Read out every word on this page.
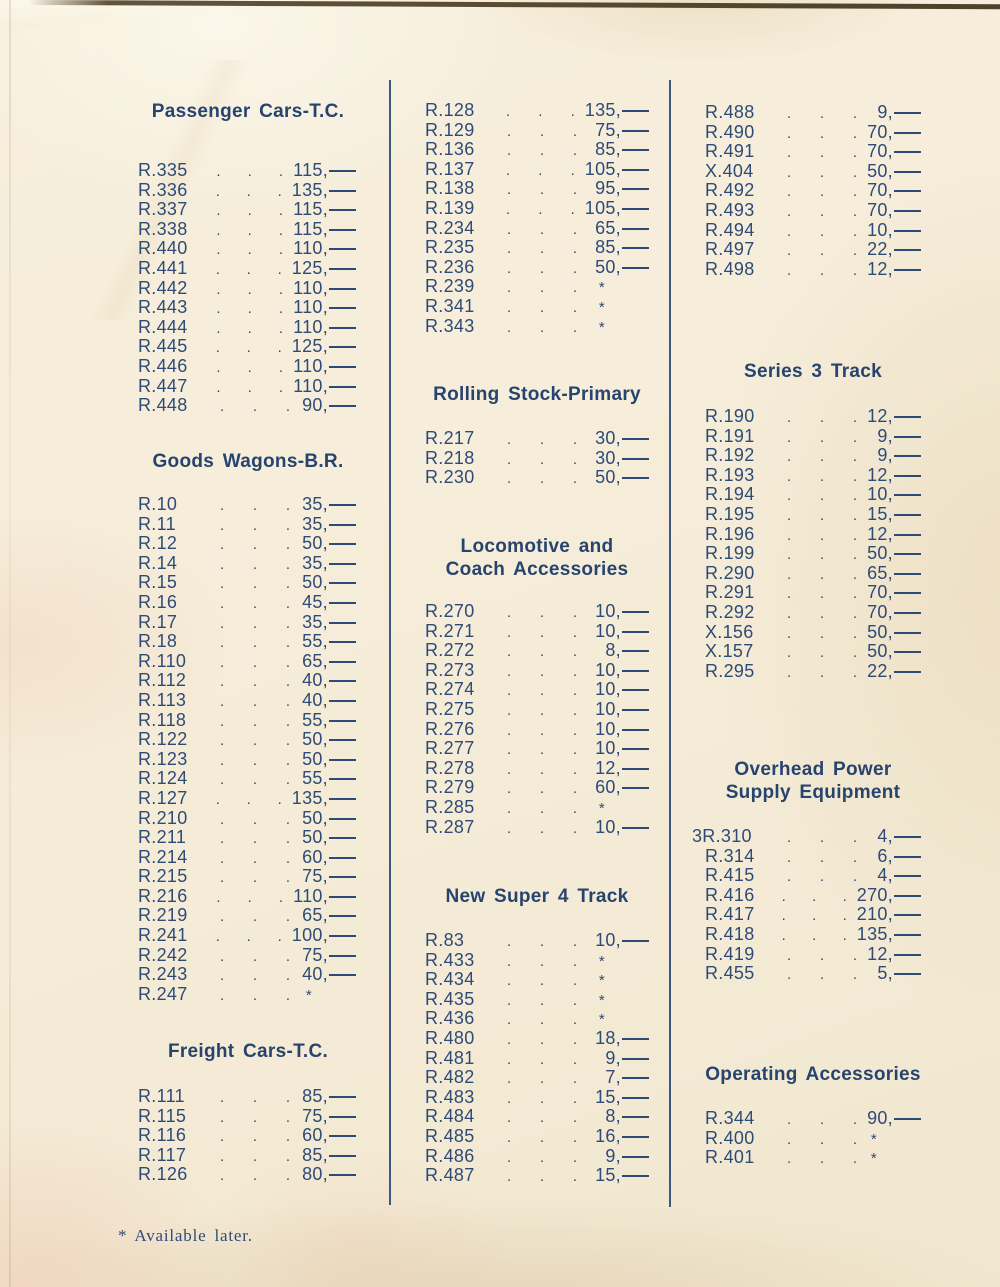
Passenger Cars-T.C.
R.335	. . . 115,
R.336	. . . 135,
R.337	. . . 115,
R.338	. . . 115,
R.440	. . . 110,
R.441	. . . 125,
R.442	. . . 110,
R.443	. . . 110,
R.444	. . . 110,
R.445	. . . 125,
R.446	. . . 110,
R.447	. . . 110,
R.448	. . . 90,
Goods Wagons-B.R.
R.10	. . . 35,
R.11	. . . 35,
R.12	. . . 50,
R.14	. . . 35,
R.15	. . . 50,
R.16	. . . 45,
R.17	. . . 35,
R.18	. . . 55,
R.110	. . . 65,
R.112	. . . 40,
R.113	. . . 40,
R.118	. . . 55,
R.122	. . . 50,
R.123	. . . 50,
R.124	. . . 55,
R.127	. . . 135,
R.210	. . . 50,
R.211	. . . 50,
R.214	. . . 60,
R.215	. . . 75,
R.216	. . . 110,
R.219	. . . 65,
R.241	. . . 100,
R.242	. . . 75,
R.243	. . . 40,
R.247	. . .	*
Freight Cars-T.C.
R.111	. . . 85,
R.115	. . . 75,
R.116	. . . 60,
R.117	. . . 85,
R.126	. . . 80,
R.128	. . . 135,
R.129	. . .	75,
R.136	. . .	85,
R.137	. . . 105,
R.138	. . .	95,
R.139	. . . 105,
R.234	. . .	65,
R.235	. . .	85,
R.236	. . .	50,
R.239	. . .	*
R.341	. . .	*
R.343	. . .	*
Rolling Stock-Primary
R.217	. . .	30,
R.218	. . .	30,
R.230	. . .	50,
Locomotive and Coach Accessories
R.270	. . .	10,
R.271	. . .	10,
R.272	. . .	8,
R.273	. . .	10,
R.274	. . .	10,
R.275	. . .	10,
R.276	. . .	10,
R.277	. . .	10,
R.278	. . .	12,
R.279	. . .	60,
R.285	. . .	*
R.287	. . .	10,
New Super 4 Track
R.83	. . .	10,
R.433	. . .	*
R.434	. . .	*
R.435	. . .	*
R.436	. . .	*
R.480	. . .	18,
R.481	. . .	9,
R.482	. . .	7,
R.483	. . .	15,
R.484	. . .	8,
R.485	. . .	16,
R.486	. . .	9,
R.487	. . .	15,
R.488	. . .	9,
R.490	. . . 70,
R.491	. . . 70,
X.404	. . . 50,
R.492	. . . 70,
R.493	. . . 70,
R.494	. . . 10,
R.497	. . . 22,
R.498	. . . 12,
Series 3 Track
R.190	. . . 12,
R.191	. . .	9,
R.192	. . .	9,
R.193	. . . 12,
R.194	. . . 10,
R.195	. . . 15,
R.196	. . . 12,
R.199	. . . 50,
R.290	. . . 65,
R.291	. . . 70,
R.292	. . . 70,
X.156	. . . 50,
X.157	. . . 50,
R.295	. . . 22,
Overhead Power Supply Equipment
3R.310	. . .	4,
R.314	. . .	6,
R.415	. . .	4,
R.416	. . . 270,
R.417	. . . 210,
R.418	. . . 135,
R.419	. . . 12,
R.455	. . .	5,
Operating Accessories
R.344	. . . 90,
R.400	. . . *
R.401	. . . *
* Available later.
